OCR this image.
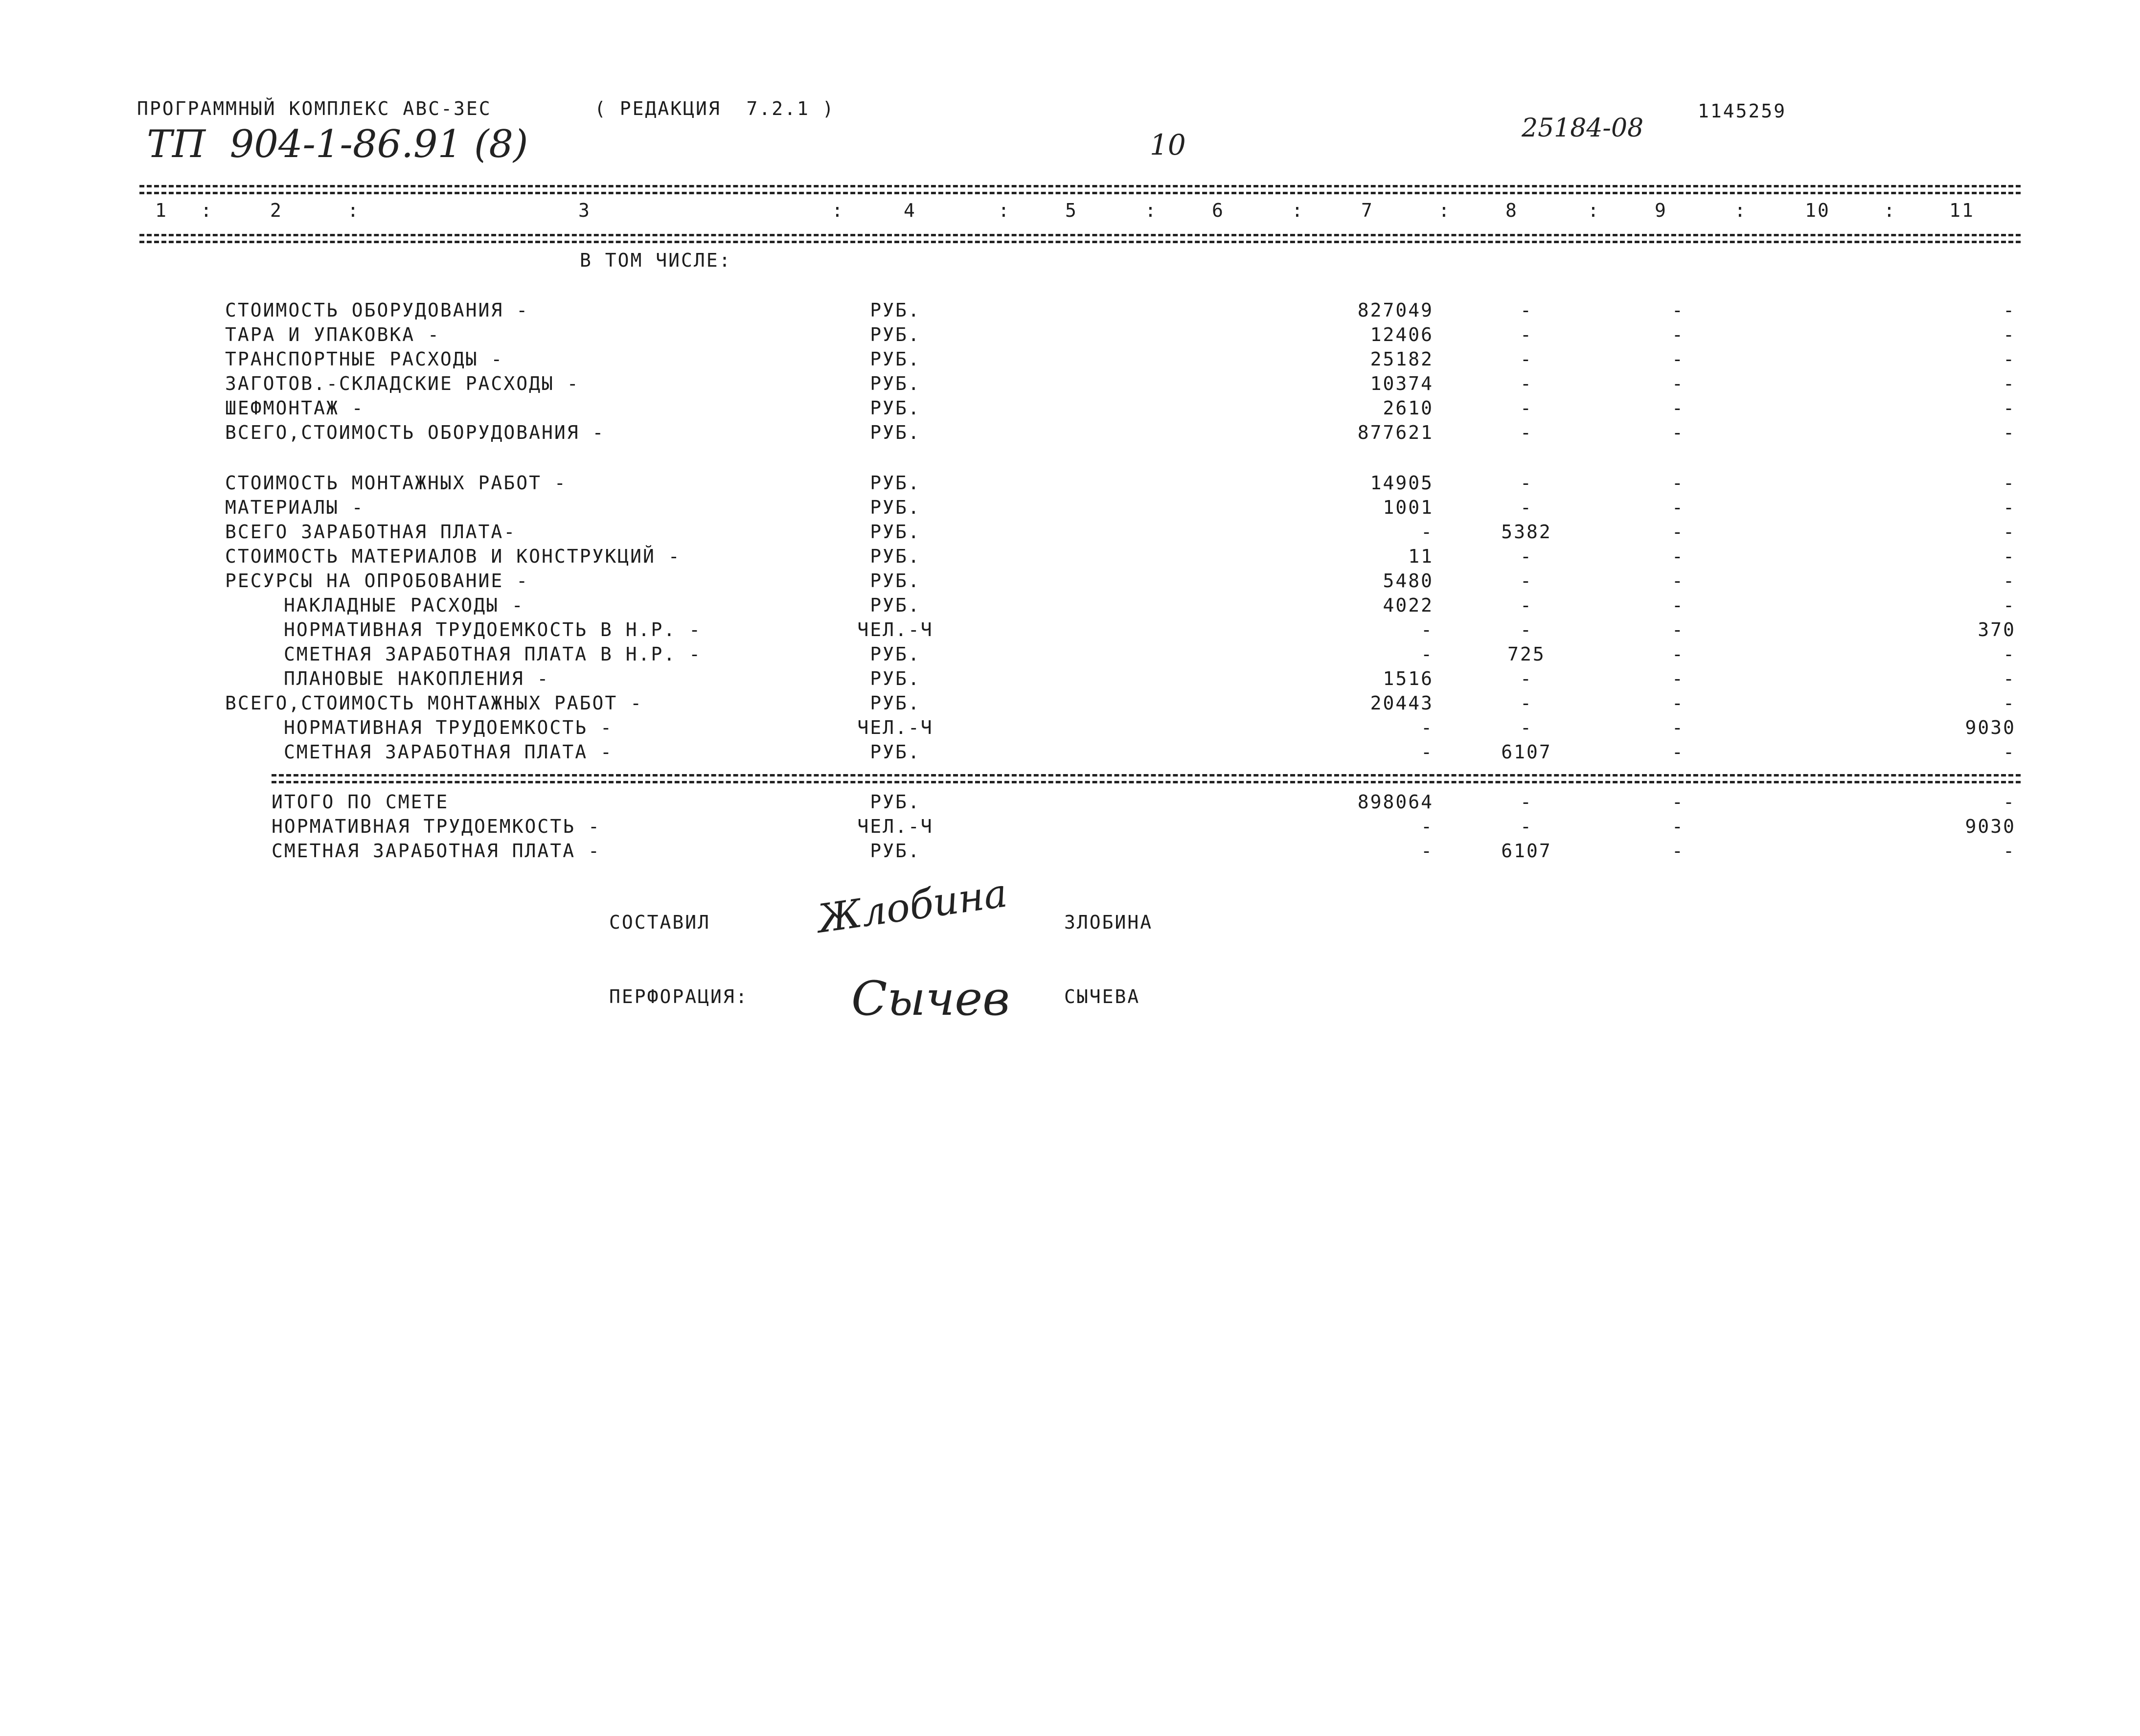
ПРОГРАММНЫЙ КОМПЛЕКС АВС-ЗЕС	( РЕДАКЦИЯ  7.2.1 )	1145259
ТП  904-1-86.91 (8)	10	25184-08
1	2	3	4	5	6	7	8	9	10	11
:	:	:	:	:	:	:	:	:	:
В ТОМ ЧИСЛЕ:
СТОИМОСТЬ ОБОРУДОВАНИЯ -	РУБ.	827049	-	-	-
ТАРА И УПАКОВКА -	РУБ.	12406	-	-	-
ТРАНСПОРТНЫЕ РАСХОДЫ -	РУБ.	25182	-	-	-
ЗАГОТОВ.-СКЛАДСКИЕ РАСХОДЫ -	РУБ.	10374	-	-	-
ШЕФМОНТАЖ -	РУБ.	2610	-	-	-
ВСЕГО,СТОИМОСТЬ ОБОРУДОВАНИЯ -	РУБ.	877621	-	-	-
СТОИМОСТЬ МОНТАЖНЫХ РАБОТ -	РУБ.	14905	-	-	-
МАТЕРИАЛЫ -	РУБ.	1001	-	-	-
ВСЕГО ЗАРАБОТНАЯ ПЛАТА-	РУБ.	-	5382	-	-
СТОИМОСТЬ МАТЕРИАЛОВ И КОНСТРУКЦИЙ -	РУБ.	11	-	-	-
РЕСУРСЫ НА ОПРОБОВАНИЕ -	РУБ.	5480	-	-	-
НАКЛАДНЫЕ РАСХОДЫ -	РУБ.	4022	-	-	-
НОРМАТИВНАЯ ТРУДОЕМКОСТЬ В Н.Р. -	ЧЕЛ.-Ч	-	-	-	370
СМЕТНАЯ ЗАРАБОТНАЯ ПЛАТА В Н.Р. -	РУБ.	-	725	-	-
ПЛАНОВЫЕ НАКОПЛЕНИЯ -	РУБ.	1516	-	-	-
ВСЕГО,СТОИМОСТЬ МОНТАЖНЫХ РАБОТ -	РУБ.	20443	-	-	-
НОРМАТИВНАЯ ТРУДОЕМКОСТЬ -	ЧЕЛ.-Ч	-	-	-	9030
СМЕТНАЯ ЗАРАБОТНАЯ ПЛАТА -	РУБ.	-	6107	-	-
ИТОГО ПО СМЕТЕ	РУБ.	898064	-	-	-
НОРМАТИВНАЯ ТРУДОЕМКОСТЬ -	ЧЕЛ.-Ч	-	-	-	9030
СМЕТНАЯ ЗАРАБОТНАЯ ПЛАТА -	РУБ.	-	6107	-	-
СОСТАВИЛ	Жлобина	ЗЛОБИНА
ПЕРФОРАЦИЯ: Сычев	СЫЧЕВА
